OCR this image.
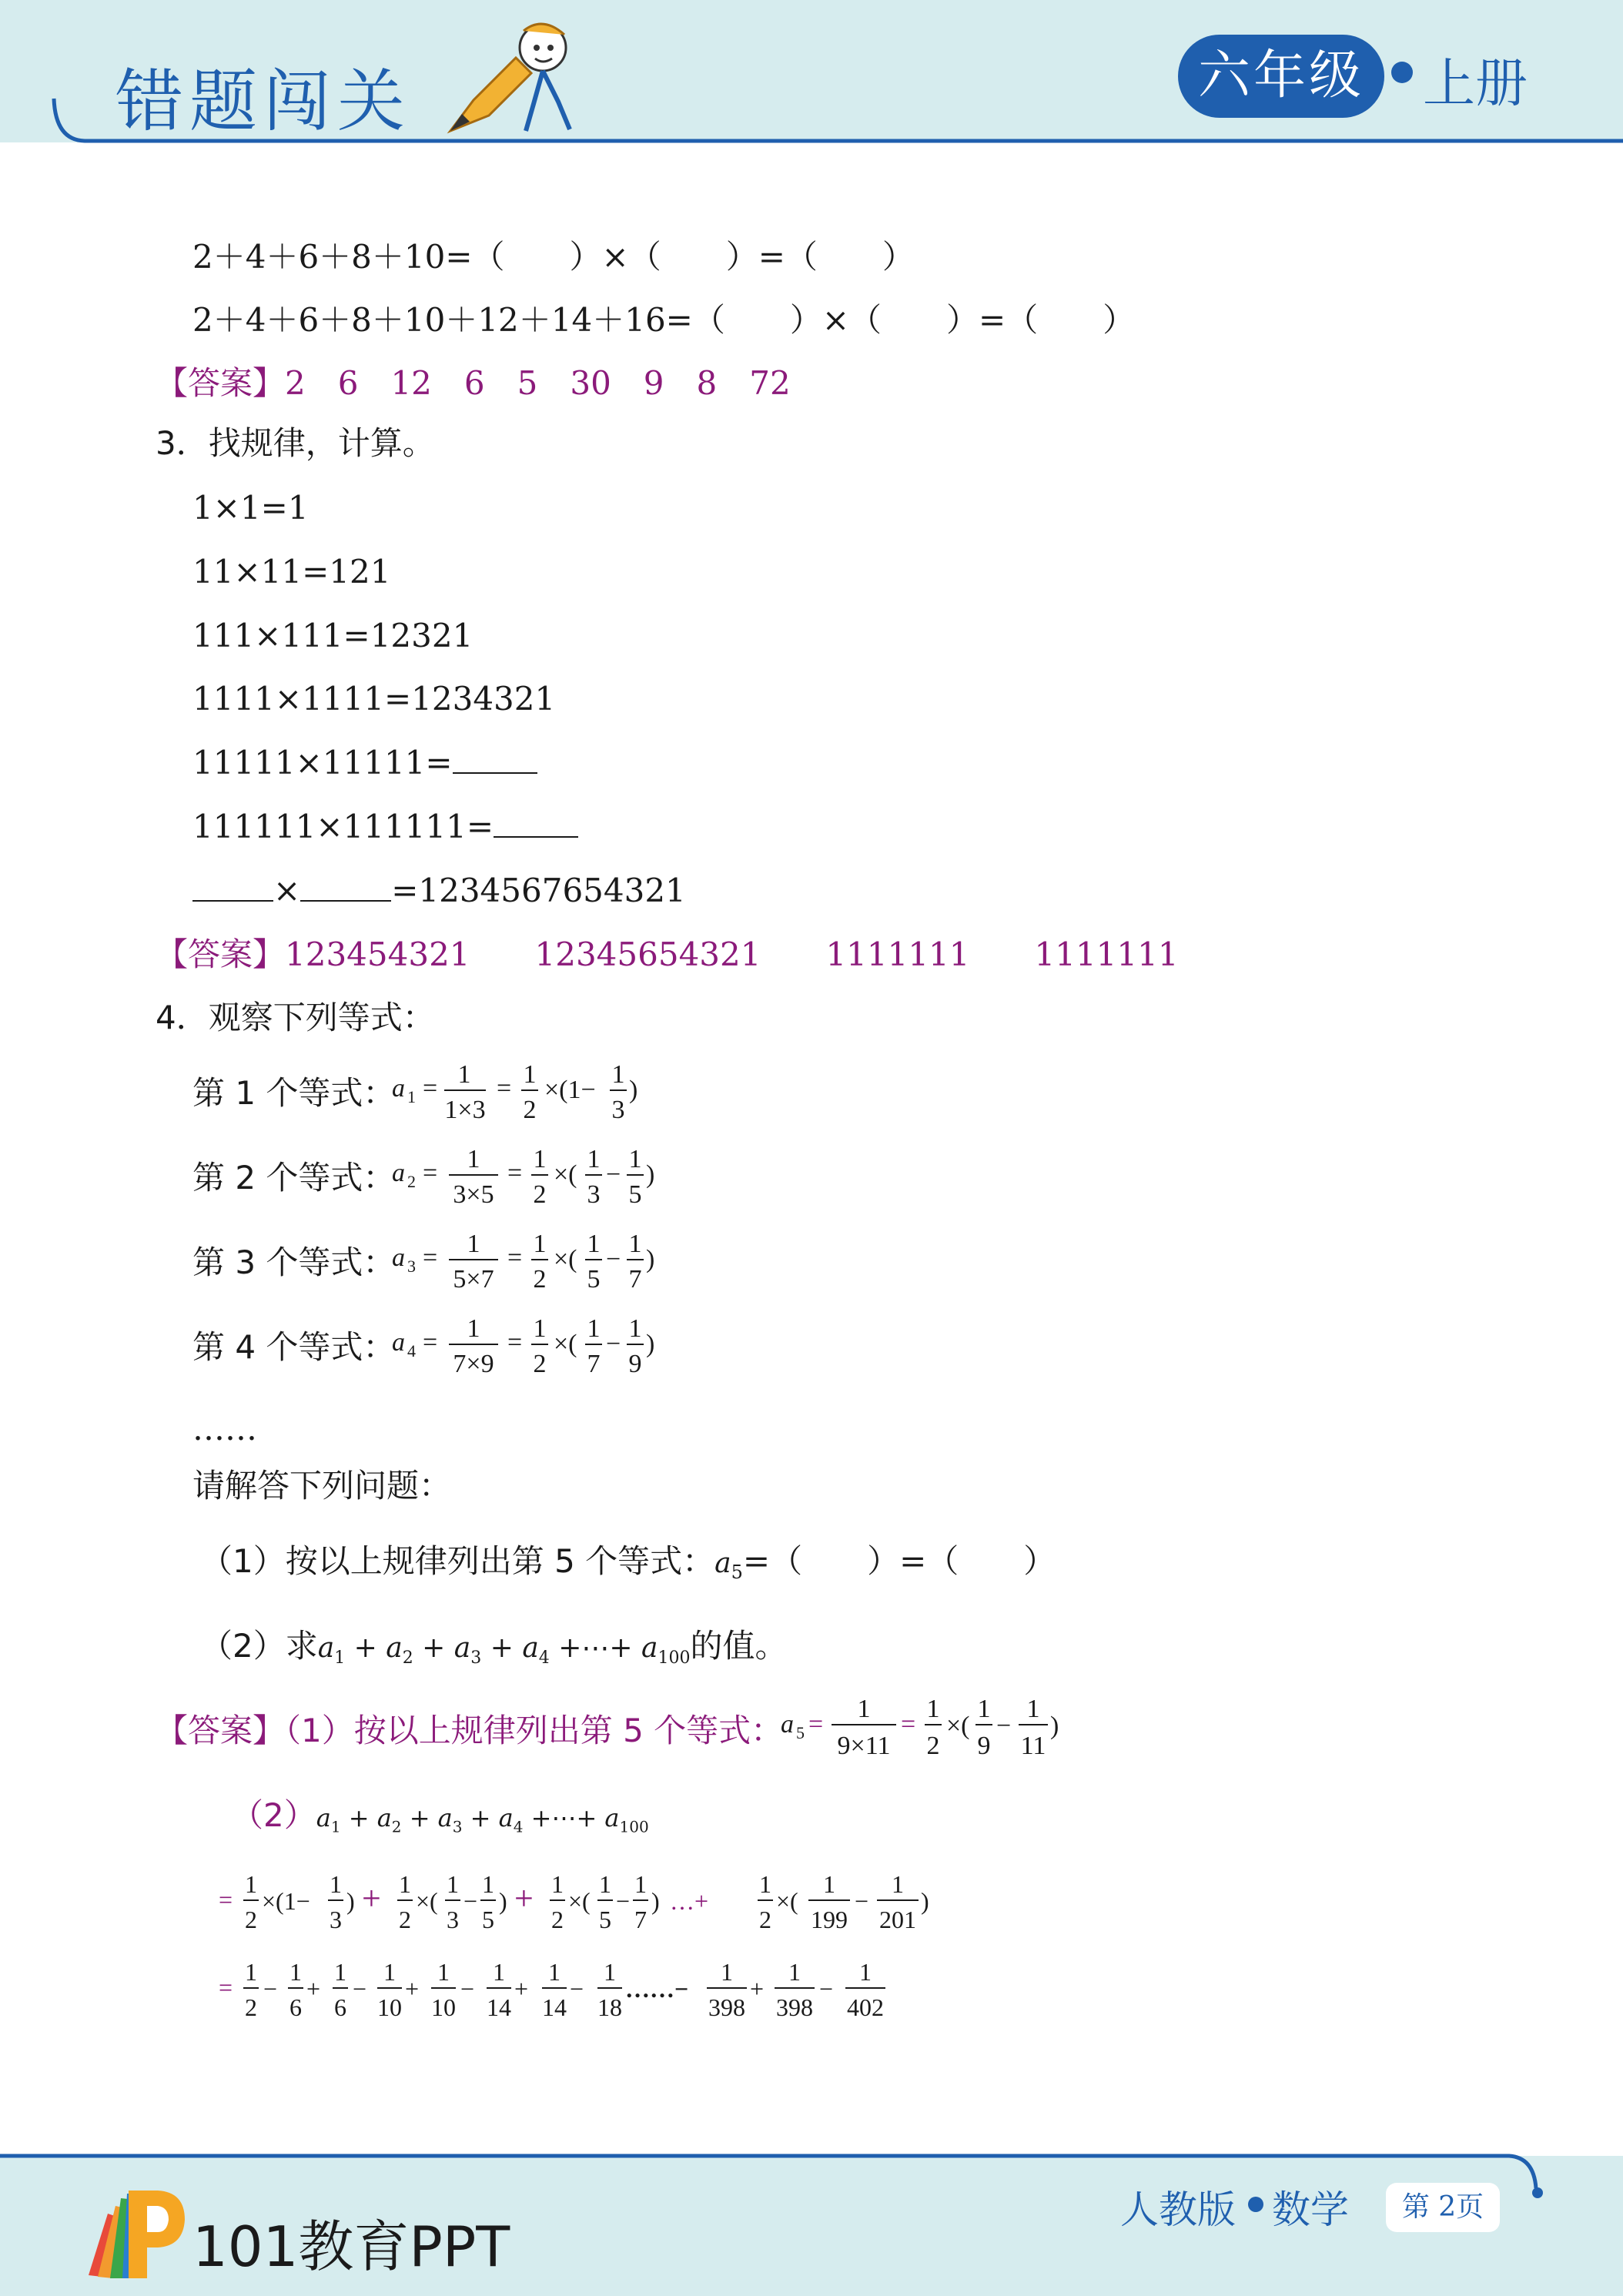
错题闯关	六年级	上册
2＋4＋6＋8＋10=（　　）×（　　）=（　　）
2＋4＋6＋8＋10＋12＋14＋16=（　　）×（　　）=（　　）
【答案】2　6　12　6　5　30　9　8　72
3．找规律，计算。
1×1=1
11×11=121
111×111=12321
1111×1111=1234321
11111×11111=
111111×111111=
×	=1234567654321
【答案】123454321　　12345654321　　1111111　　1111111
4．观察下列等式：
第 1 个等式：
第 2 个等式：
第 3 个等式：
第 4 个等式：
a 1 = 1
1×3
= 1
2
×(1−
1
3
)
a 2 = 1
3×5
= 1
2
×(
1
3
−
1
5
)
a 3 = 1
5×7
= 1
2
×(
1
5
−
1
7
)
a 4 = 1
7×9
= 1
2
×(
1
7
−
1
9
)
……
请解答下列问题：
（1）按以上规律列出第 5 个等式：a5=（　　）=（　　）
（2）求$a_1 + a_2 + a_3 + a_4$ +⋯+ $a_{100}$的值。
【答案】（1）按以上规律列出第 5 个等式：
a 5 =
1
9×11
=
1
2
×(
1
9
−
1
11
)
$(2)a_1 + a_2 + a_3 + a_4$ +⋯+ $a_{100}$
=
1
2
×(1−
1
3
) + 1
2
×(
1
3
−
1
5
) + 1
2
×(
1
5
−
1
7
) …+
1
2
×(
1
199
−
1
201
)
=
1
2
−
1
6
+
1
6
−
1
10
+
1
10
−
1
14
+
1
14
−
1
18
……−
1
398
+
1
398
−
1
402
101教育PPT
人教版 数学	第 2页
